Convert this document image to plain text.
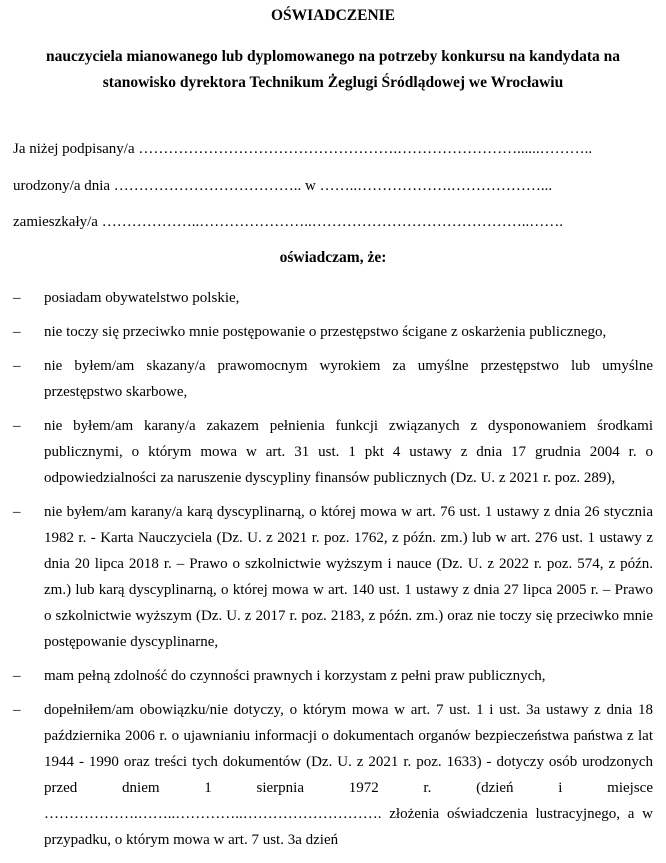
OŚWIADCZENIE

nauczyciela mianowanego lub dyplomowanego na potrzeby konkursu na kandydata na stanowisko dyrektora Technikum Żeglugi Śródlądowej we Wrocławiu

Ja niżej podpisany/a …………………………………………….……………………......………..

urodzony/a dnia ……………………………….. w ……..……………….………………...

zamieszkały/a ………………..…………………..……………………………………..…….

oświadczam, że:

– posiadam obywatelstwo polskie,
– nie toczy się przeciwko mnie postępowanie o przestępstwo ścigane z oskarżenia publicznego,
– nie byłem/am skazany/a prawomocnym wyrokiem za umyślne przestępstwo lub umyślne przestępstwo skarbowe,
– nie byłem/am karany/a zakazem pełnienia funkcji związanych z dysponowaniem środkami publicznymi, o którym mowa w art. 31 ust. 1 pkt 4 ustawy z dnia 17 grudnia 2004 r. o odpowiedzialności za naruszenie dyscypliny finansów publicznych (Dz. U. z 2021 r. poz. 289),
– nie byłem/am karany/a karą dyscyplinarną, o której mowa w art. 76 ust. 1 ustawy z dnia 26 stycznia 1982 r. - Karta Nauczyciela (Dz. U. z 2021 r. poz. 1762, z późn. zm.) lub w art. 276 ust. 1 ustawy z dnia 20 lipca 2018 r. – Prawo o szkolnictwie wyższym i nauce (Dz. U. z 2022 r. poz. 574, z późn. zm.) lub karą dyscyplinarną, o której mowa w art. 140 ust. 1 ustawy z dnia 27 lipca 2005 r. – Prawo o szkolnictwie wyższym (Dz. U. z 2017 r. poz. 2183, z późn. zm.) oraz nie toczy się przeciwko mnie postępowanie dyscyplinarne,
– mam pełną zdolność do czynności prawnych i korzystam z pełni praw publicznych,
– dopełniłem/am obowiązku/nie dotyczy, o którym mowa w art. 7 ust. 1 i ust. 3a ustawy z dnia 18 października 2006 r. o ujawnianiu informacji o dokumentach organów bezpieczeństwa państwa z lat 1944 - 1990 oraz treści tych dokumentów (Dz. U. z 2021 r. poz. 1633) - dotyczy osób urodzonych przed dniem 1 sierpnia 1972 r. (dzień i miejsce ……………….……..…………..………………………. złożenia oświadczenia lustracyjnego, a w przypadku, o którym mowa w art. 7 ust. 3a dzień
